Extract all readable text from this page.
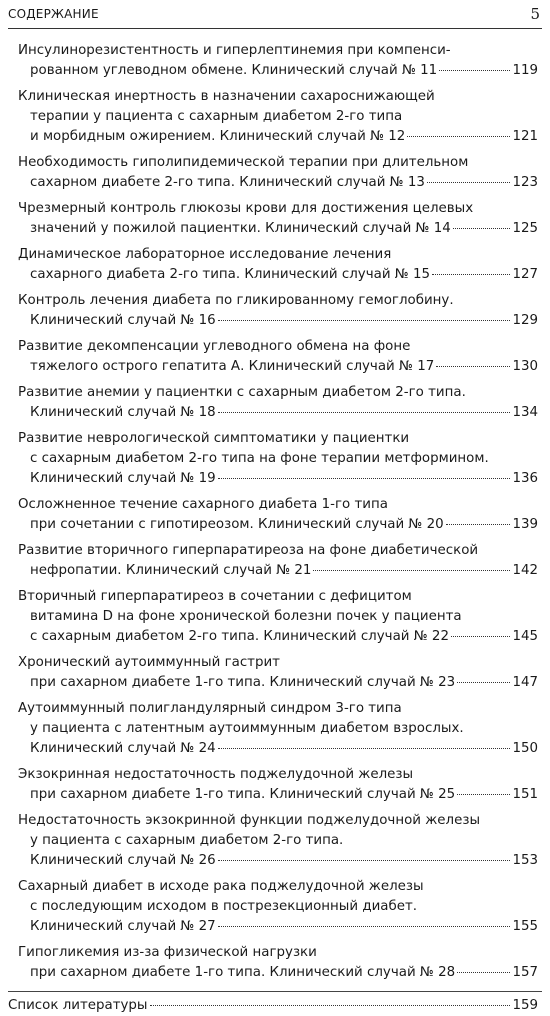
СОДЕРЖАНИЕ	5
Инсулинорезистентность и гиперлептинемия при компенси-
рованном углеводном обмене. Клинический случай № 11	119
Клиническая инертность в назначении сахароснижающей
терапии у пациента с сахарным диабетом 2-го типа
и морбидным ожирением. Клинический случай № 12	121
Необходимость гиполипидемической терапии при длительном
сахарном диабете 2-го типа. Клинический случай № 13	123
Чрезмерный контроль глюкозы крови для достижения целевых
значений у пожилой пациентки. Клинический случай № 14	125
Динамическое лабораторное исследование лечения
сахарного диабета 2-го типа. Клинический случай № 15	127
Контроль лечения диабета по гликированному гемоглобину.
Клинический случай № 16	129
Развитие декомпенсации углеводного обмена на фоне
тяжелого острого гепатита А. Клинический случай № 17	130
Развитие анемии у пациентки с сахарным диабетом 2-го типа.
Клинический случай № 18	134
Развитие неврологической симптоматики у пациентки
с сахарным диабетом 2-го типа на фоне терапии метформином.
Клинический случай № 19	136
Осложненное течение сахарного диабета 1-го типа
при сочетании с гипотиреозом. Клинический случай № 20	139
Развитие вторичного гиперпаратиреоза на фоне диабетической
нефропатии. Клинический случай № 21	142
Вторичный гиперпаратиреоз в сочетании с дефицитом
витамина D на фоне хронической болезни почек у пациента
с сахарным диабетом 2-го типа. Клинический случай № 22	145
Хронический аутоиммунный гастрит
при сахарном диабете 1-го типа. Клинический случай № 23	147
Аутоиммунный полигландулярный синдром 3-го типа
у пациента с латентным аутоиммунным диабетом взрослых.
Клинический случай № 24	150
Экзокринная недостаточность поджелудочной железы
при сахарном диабете 1-го типа. Клинический случай № 25	151
Недостаточность экзокринной функции поджелудочной железы
у пациента с сахарным диабетом 2-го типа.
Клинический случай № 26	153
Сахарный диабет в исходе рака поджелудочной железы
с последующим исходом в пострезекционный диабет.
Клинический случай № 27	155
Гипогликемия из-за физической нагрузки
при сахарном диабете 1-го типа. Клинический случай № 28	157
Список литературы	159
